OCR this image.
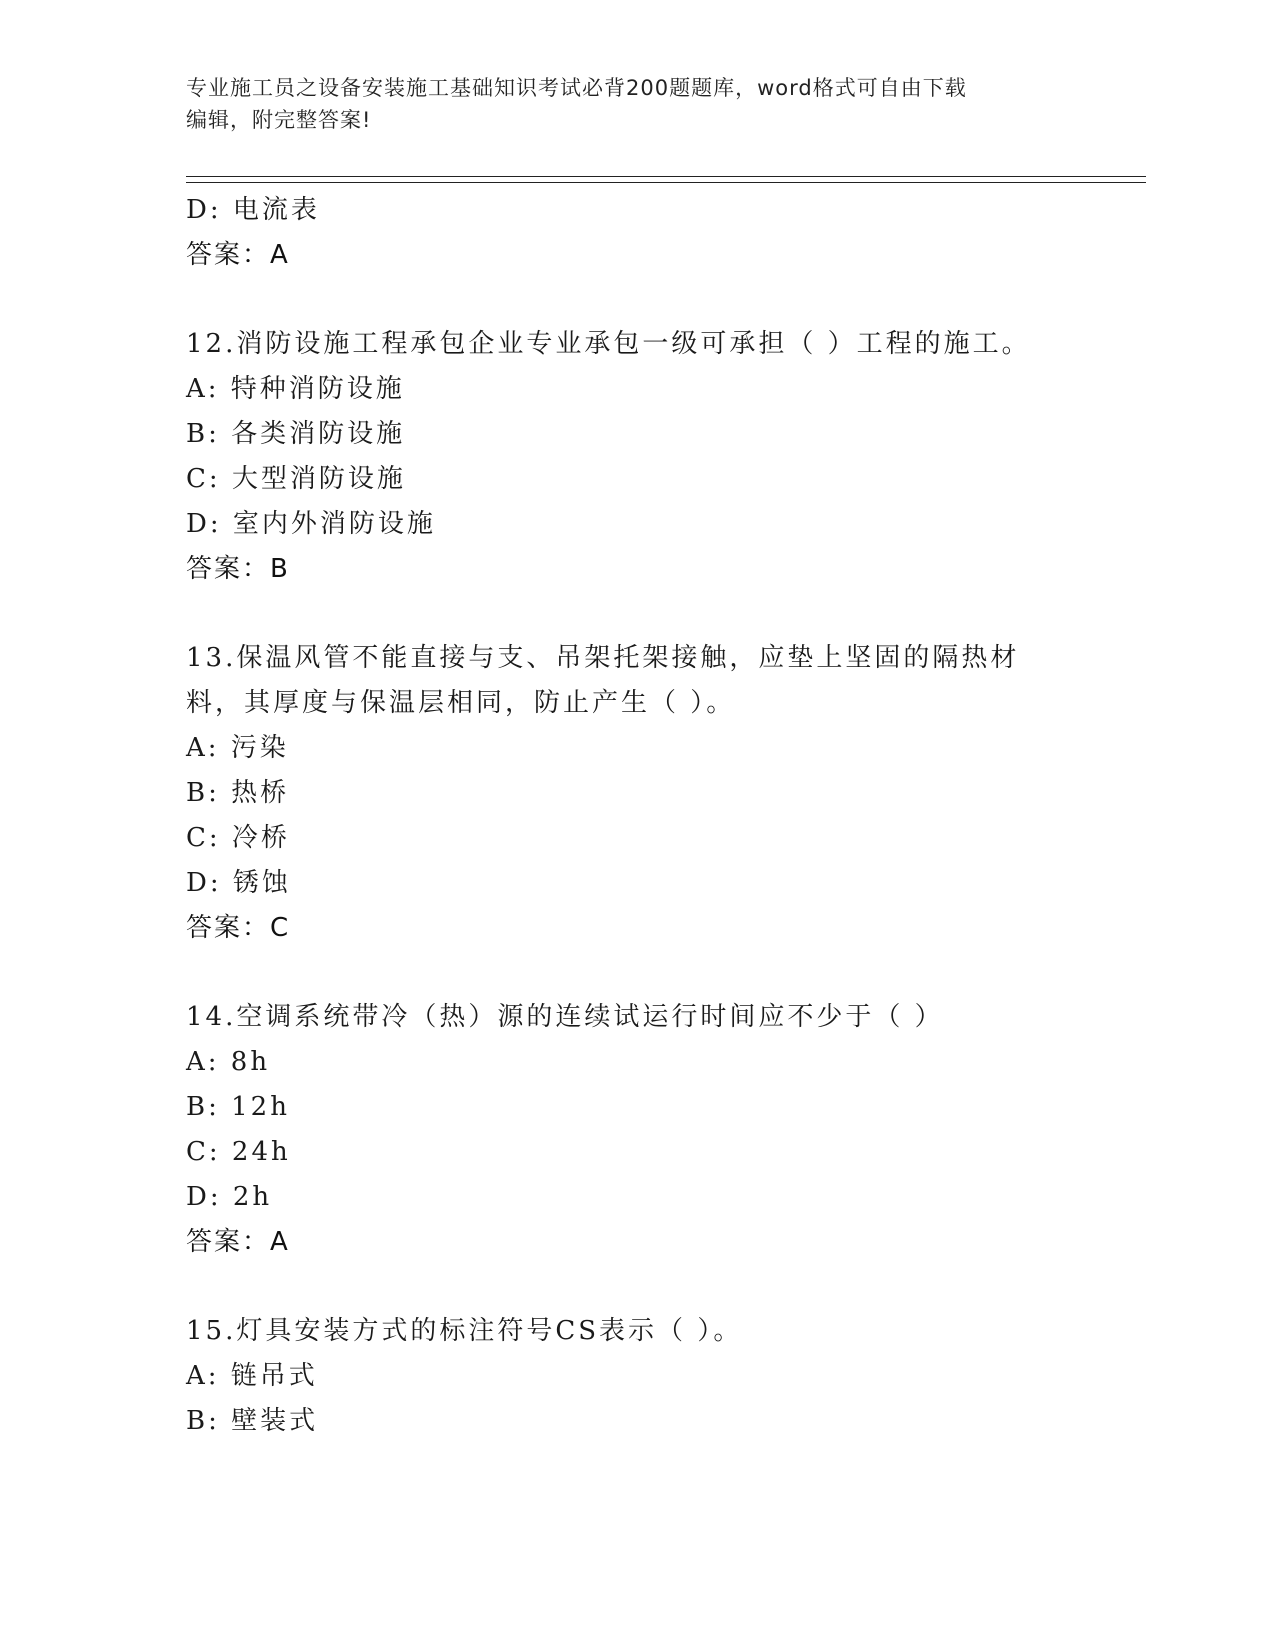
专业施工员之设备安装施工基础知识考试必背200题题库，word格式可自由下载
编辑，附完整答案!
D: 电流表
答案：A
12.消防设施工程承包企业专业承包一级可承担（ ）工程的施工。
A: 特种消防设施
B: 各类消防设施
C: 大型消防设施
D: 室内外消防设施
答案：B
13.保温风管不能直接与支、吊架托架接触，应垫上坚固的隔热材料，其厚度与保温层相同，防止产生（ ）。
A: 污染
B: 热桥
C: 冷桥
D: 锈蚀
答案：C
14.空调系统带冷（热）源的连续试运行时间应不少于（ ）
A: 8h
B: 12h
C: 24h
D: 2h
答案：A
15.灯具安装方式的标注符号CS表示（ ）。
A: 链吊式
B: 壁装式
